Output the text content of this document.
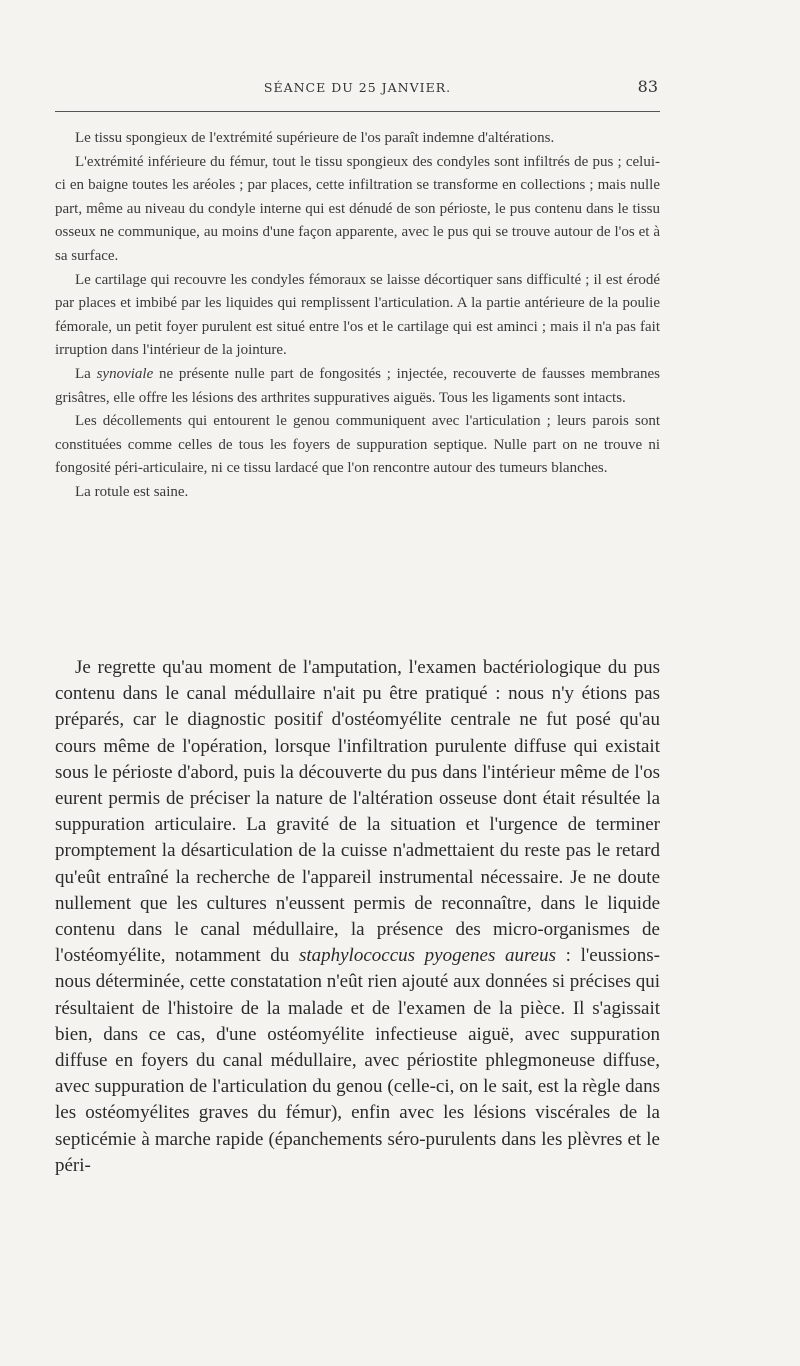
SÉANCE DU 25 JANVIER.	83

Le tissu spongieux de l'extrémité supérieure de l'os paraît indemne d'altérations.

L'extrémité inférieure du fémur, tout le tissu spongieux des condyles sont infiltrés de pus ; celui-ci en baigne toutes les aréoles ; par places, cette infiltration se transforme en collections ; mais nulle part, même au niveau du condyle interne qui est dénudé de son périoste, le pus contenu dans le tissu osseux ne communique, au moins d'une façon apparente, avec le pus qui se trouve autour de l'os et à sa surface.

Le cartilage qui recouvre les condyles fémoraux se laisse décortiquer sans difficulté ; il est érodé par places et imbibé par les liquides qui remplissent l'articulation. A la partie antérieure de la poulie fémorale, un petit foyer purulent est situé entre l'os et le cartilage qui est aminci ; mais il n'a pas fait irruption dans l'intérieur de la jointure.

La synoviale ne présente nulle part de fongosités ; injectée, recouverte de fausses membranes grisâtres, elle offre les lésions des arthrites suppuratives aiguës. Tous les ligaments sont intacts.

Les décollements qui entourent le genou communiquent avec l'articulation ; leurs parois sont constituées comme celles de tous les foyers de suppuration septique. Nulle part on ne trouve ni fongosité péri-articulaire, ni ce tissu lardacé que l'on rencontre autour des tumeurs blanches.

La rotule est saine.

Je regrette qu'au moment de l'amputation, l'examen bactériologique du pus contenu dans le canal médullaire n'ait pu être pratiqué : nous n'y étions pas préparés, car le diagnostic positif d'ostéomyélite centrale ne fut posé qu'au cours même de l'opération, lorsque l'infiltration purulente diffuse qui existait sous le périoste d'abord, puis la découverte du pus dans l'intérieur même de l'os eurent permis de préciser la nature de l'altération osseuse dont était résultée la suppuration articulaire. La gravité de la situation et l'urgence de terminer promptement la désarticulation de la cuisse n'admettaient du reste pas le retard qu'eût entraîné la recherche de l'appareil instrumental nécessaire. Je ne doute nullement que les cultures n'eussent permis de reconnaître, dans le liquide contenu dans le canal médullaire, la présence des micro-organismes de l'ostéomyélite, notamment du staphylococcus pyogenes aureus : l'eussions-nous déterminée, cette constatation n'eût rien ajouté aux données si précises qui résultaient de l'histoire de la malade et de l'examen de la pièce. Il s'agissait bien, dans ce cas, d'une ostéomyélite infectieuse aiguë, avec suppuration diffuse en foyers du canal médullaire, avec périostite phlegmoneuse diffuse, avec suppuration de l'articulation du genou (celle-ci, on le sait, est la règle dans les ostéomyélites graves du fémur), enfin avec les lésions viscérales de la septicémie à marche rapide (épanchements séro-purulents dans les plèvres et le péri-
